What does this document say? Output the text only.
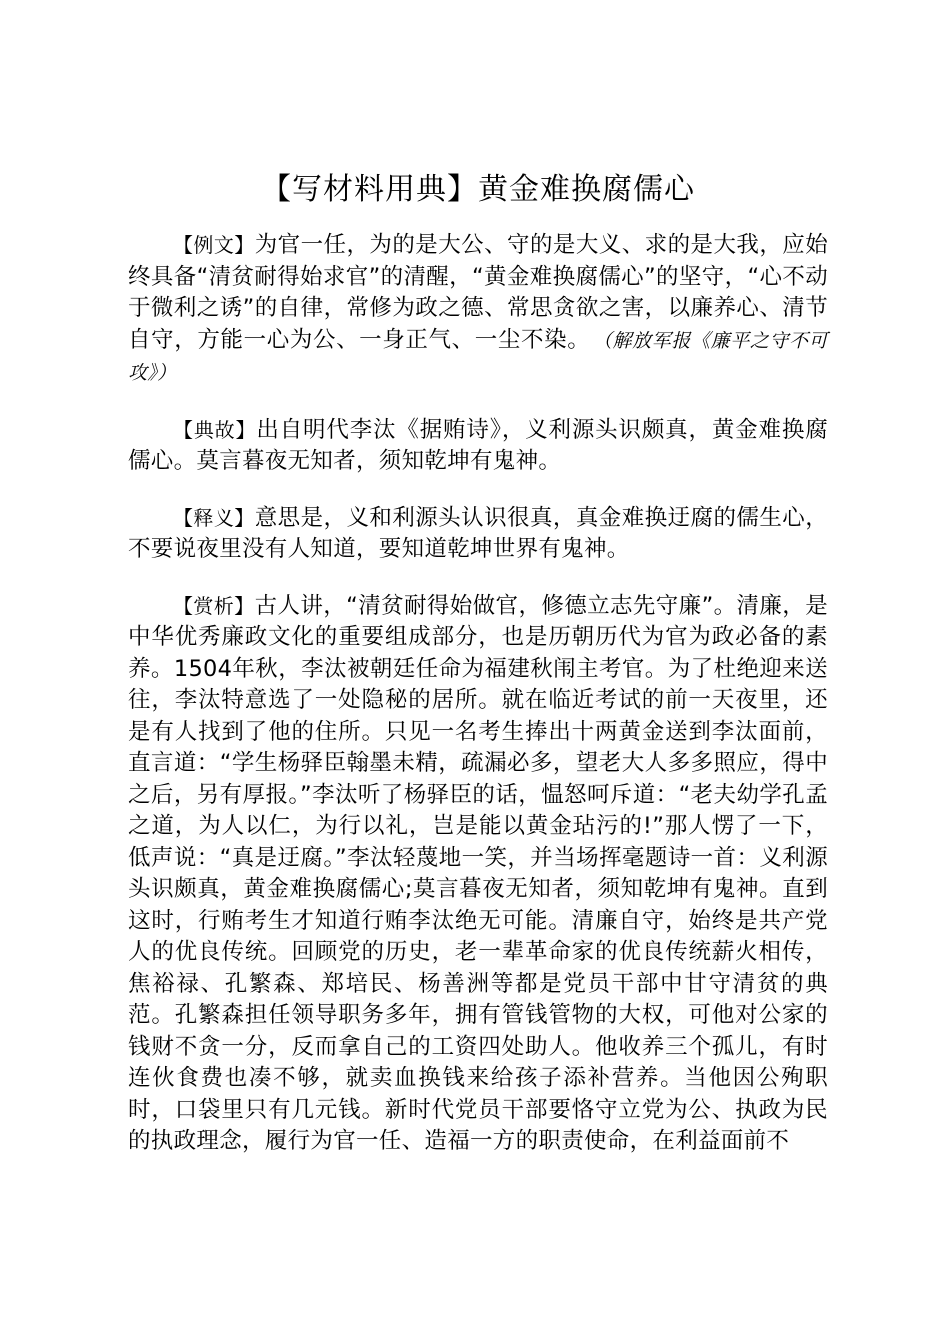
【写材料用典】黄金难换腐儒心
【例文】为官一任，为的是大公、守的是大义、求的是大我，应始终具备“清贫耐得始求官”的清醒，“黄金难换腐儒心”的坚守，“心不动于微利之诱”的自律，常修为政之德、常思贪欲之害，以廉养心、清节自守，方能一心为公、一身正气、一尘不染。 （解放军报《廉平之守不可攻》）
【典故】出自明代李汰《据贿诗》，义利源头识颇真，黄金难换腐儒心。莫言暮夜无知者，须知乾坤有鬼神。
【释义】意思是，义和利源头认识很真，真金难换迂腐的儒生心，不要说夜里没有人知道，要知道乾坤世界有鬼神。
【赏析】古人讲，“清贫耐得始做官，修德立志先守廉”。清廉，是中华优秀廉政文化的重要组成部分，也是历朝历代为官为政必备的素养。1504年秋，李汰被朝廷任命为福建秋闱主考官。为了杜绝迎来送往，李汰特意选了一处隐秘的居所。就在临近考试的前一天夜里，还是有人找到了他的住所。只见一名考生捧出十两黄金送到李汰面前，直言道：“学生杨驿臣翰墨未精，疏漏必多，望老大人多多照应，得中之后，另有厚报。”李汰听了杨驿臣的话，愠怒呵斥道：“老夫幼学孔孟之道，为人以仁，为行以礼，岂是能以黄金玷污的!”那人愣了一下，低声说：“真是迂腐。”李汰轻蔑地一笑，并当场挥毫题诗一首：义利源头识颇真，黄金难换腐儒心;莫言暮夜无知者，须知乾坤有鬼神。直到这时，行贿考生才知道行贿李汰绝无可能。清廉自守，始终是共产党人的优良传统。回顾党的历史，老一辈革命家的优良传统薪火相传，焦裕禄、孔繁森、郑培民、杨善洲等都是党员干部中甘守清贫的典范。孔繁森担任领导职务多年，拥有管钱管物的大权，可他对公家的钱财不贪一分，反而拿自己的工资四处助人。他收养三个孤儿，有时连伙食费也凑不够，就卖血换钱来给孩子添补营养。当他因公殉职时，口袋里只有几元钱。新时代党员干部要恪守立党为公、执政为民的执政理念，履行为官一任、造福一方的职责使命，在利益面前不
